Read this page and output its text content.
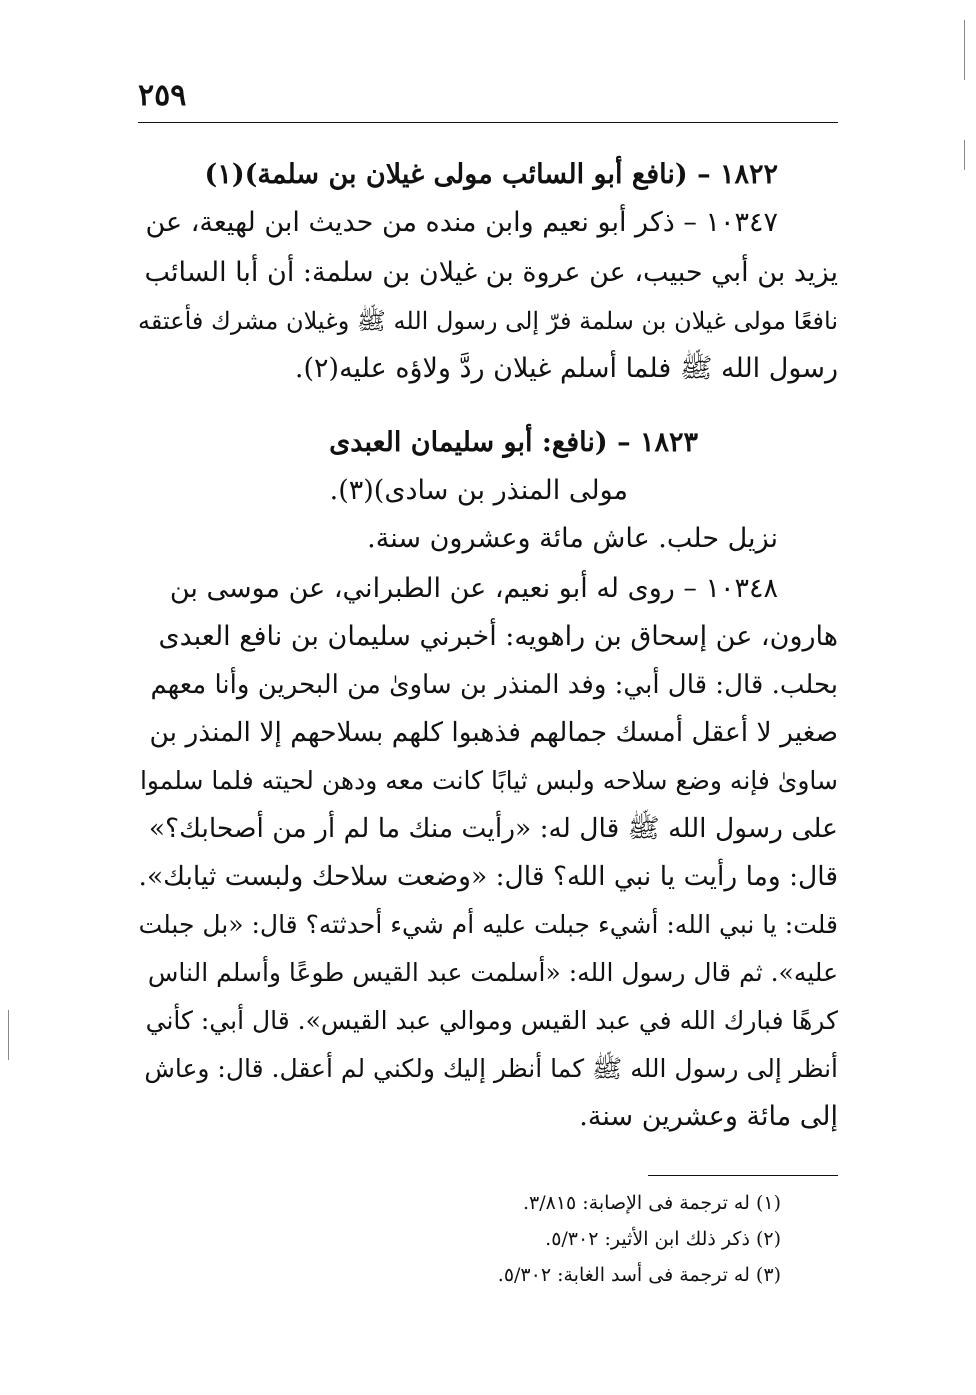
٢٥٩
١٨٢٢ – (نافع أبو السائب مولى غيلان بن سلمة)(١)
١٠٣٤٧ – ذكر أبو نعيم وابن منده من حديث ابن لهيعة، عن
يزيد بن أبي حبيب، عن عروة بن غيلان بن سلمة: أن أبا السائب
نافعًا مولى غيلان بن سلمة فرّ إلى رسول الله ﷺ وغيلان مشرك فأعتقه
رسول الله ﷺ فلما أسلم غيلان ردَّ ولاؤه عليه(٢).
١٨٢٣ – (نافع: أبو سليمان العبدى
مولى المنذر بن سادى)(٣).
نزيل حلب. عاش مائة وعشرون سنة.
١٠٣٤٨ – روى له أبو نعيم، عن الطبراني، عن موسى بن
هارون، عن إسحاق بن راهويه: أخبرني سليمان بن نافع العبدى
بحلب. قال: قال أبي: وفد المنذر بن ساوىٰ من البحرين وأنا معهم
صغير لا أعقل أمسك جمالهم فذهبوا كلهم بسلاحهم إلا المنذر بن
ساوىٰ فإنه وضع سلاحه ولبس ثيابًا كانت معه ودهن لحيته فلما سلموا
على رسول الله ﷺ قال له: «رأيت منك ما لم أر من أصحابك؟»
قال: وما رأيت يا نبي الله؟ قال: «وضعت سلاحك ولبست ثيابك».
قلت: يا نبي الله: أشيء جبلت عليه أم شيء أحدثته؟ قال: «بل جبلت
عليه». ثم قال رسول الله: «أسلمت عبد القيس طوعًا وأسلم الناس
كرهًا فبارك الله في عبد القيس وموالي عبد القيس». قال أبي: كأني
أنظر إلى رسول الله ﷺ كما أنظر إليك ولكني لم أعقل. قال: وعاش
إلى مائة وعشرين سنة.
(١) له ترجمة فى الإصابة: ٣/٨١٥.
(٢) ذكر ذلك ابن الأثير: ٥/٣٠٢.
(٣) له ترجمة فى أسد الغابة: ٥/٣٠٢.
